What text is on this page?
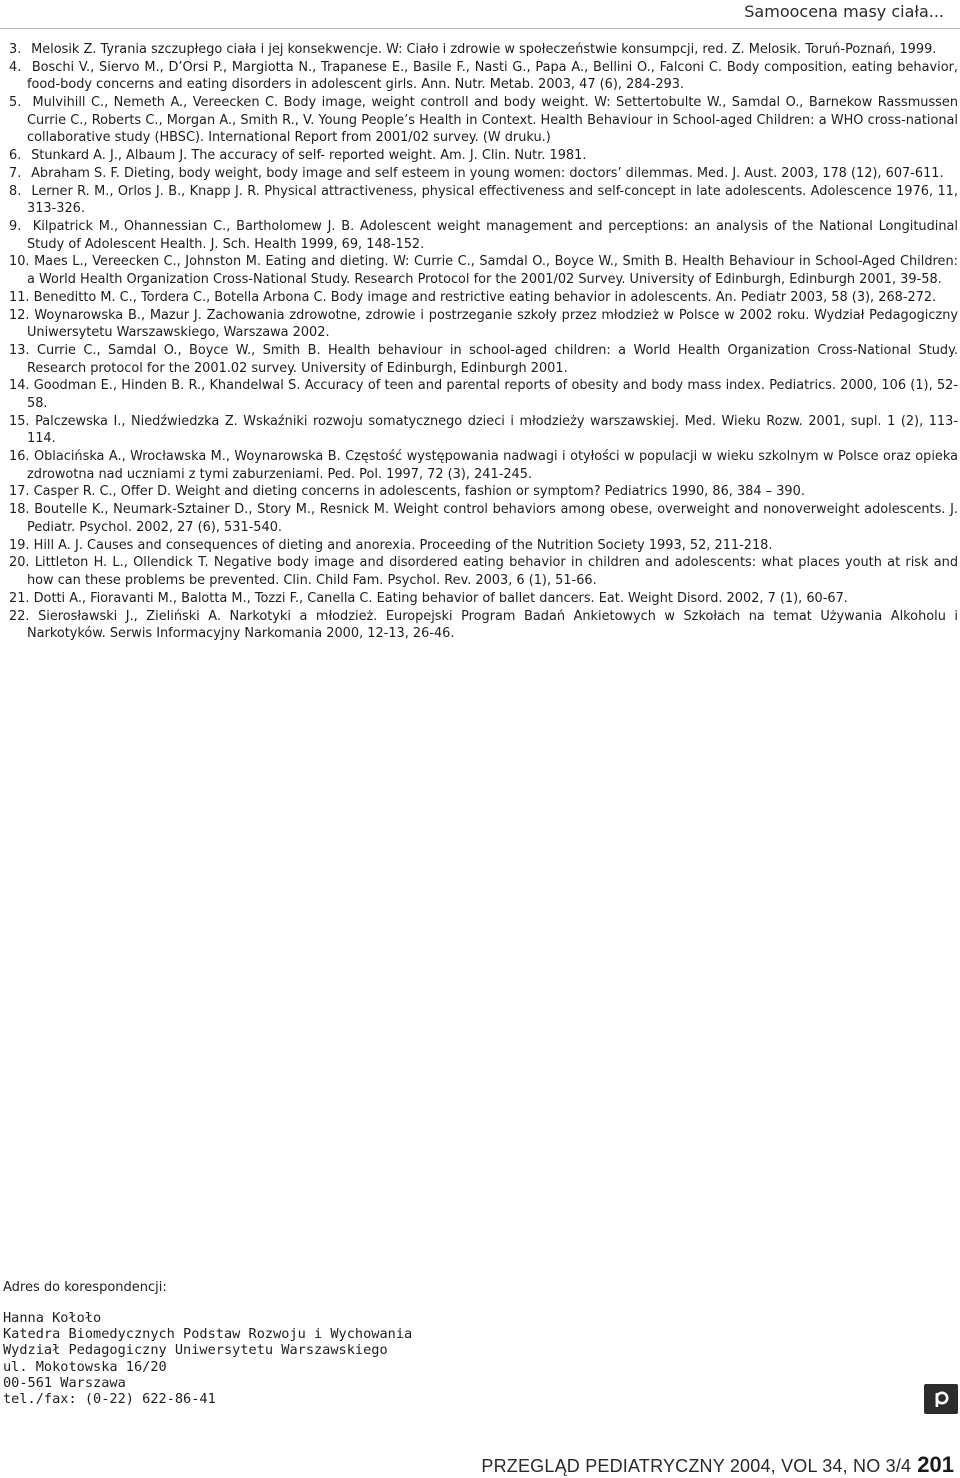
Samoocena masy ciała...
3. Melosik Z. Tyrania szczupłego ciała i jej konsekwencje. W: Ciało i zdrowie w społeczeństwie konsumpcji, red. Z. Melosik. Toruń-Poznań, 1999.
4. Boschi V., Siervo M., D’Orsi P., Margiotta N., Trapanese E., Basile F., Nasti G., Papa A., Bellini O., Falconi C. Body composition, eating behavior, food-body concerns and eating disorders in adolescent girls. Ann. Nutr. Metab. 2003, 47 (6), 284-293.
5. Mulvihill C., Nemeth A., Vereecken C. Body image, weight controll and body weight. W: Settertobulte W., Samdal O., Barnekow Rassmussen Currie C., Roberts C., Morgan A., Smith R., V. Young People’s Health in Context. Health Behaviour in School-aged Children: a WHO cross-national collaborative study (HBSC). International Report from 2001/02 survey. (W druku.)
6. Stunkard A. J., Albaum J. The accuracy of self- reported weight. Am. J. Clin. Nutr. 1981.
7. Abraham S. F. Dieting, body weight, body image and self esteem in young women: doctors’ dilemmas. Med. J. Aust. 2003, 178 (12), 607-611.
8. Lerner R. M., Orlos J. B., Knapp J. R. Physical attractiveness, physical effectiveness and self-concept in late adolescents. Adolescence 1976, 11, 313-326.
9. Kilpatrick M., Ohannessian C., Bartholomew J. B. Adolescent weight management and perceptions: an analysis of the National Longitudinal Study of Adolescent Health. J. Sch. Health 1999, 69, 148-152.
10. Maes L., Vereecken C., Johnston M. Eating and dieting. W: Currie C., Samdal O., Boyce W., Smith B. Health Behaviour in School-Aged Children: a World Health Organization Cross-National Study. Research Protocol for the 2001/02 Survey. University of Edinburgh, Edinburgh 2001, 39-58.
11. Beneditto M. C., Tordera C., Botella Arbona C. Body image and restrictive eating behavior in adolescents. An. Pediatr 2003, 58 (3), 268-272.
12. Woynarowska B., Mazur J. Zachowania zdrowotne, zdrowie i postrzeganie szkoły przez młodzież w Polsce w 2002 roku. Wydział Pedagogiczny Uniwersytetu Warszawskiego, Warszawa 2002.
13. Currie C., Samdal O., Boyce W., Smith B. Health behaviour in school-aged children: a World Health Organization Cross-National Study. Research protocol for the 2001.02 survey. University of Edinburgh, Edinburgh 2001.
14. Goodman E., Hinden B. R., Khandelwal S. Accuracy of teen and parental reports of obesity and body mass index. Pediatrics. 2000, 106 (1), 52-58.
15. Palczewska I., Niedźwiedzka Z. Wskaźniki rozwoju somatycznego dzieci i młodzieży warszawskiej. Med. Wieku Rozw. 2001, supl. 1 (2), 113-114.
16. Oblacińska A., Wrocławska M., Woynarowska B. Częstość występowania nadwagi i otyłości w populacji w wieku szkolnym w Polsce oraz opieka zdrowotna nad uczniami z tymi zaburzeniami. Ped. Pol. 1997, 72 (3), 241-245.
17. Casper R. C., Offer D. Weight and dieting concerns in adolescents, fashion or symptom? Pediatrics 1990, 86, 384 – 390.
18. Boutelle K., Neumark-Sztainer D., Story M., Resnick M. Weight control behaviors among obese, overweight and nonoverweight adolescents. J. Pediatr. Psychol. 2002, 27 (6), 531-540.
19. Hill A. J. Causes and consequences of dieting and anorexia. Proceeding of the Nutrition Society 1993, 52, 211-218.
20. Littleton H. L., Ollendick T. Negative body image and disordered eating behavior in children and adolescents: what places youth at risk and how can these problems be prevented. Clin. Child Fam. Psychol. Rev. 2003, 6 (1), 51-66.
21. Dotti A., Fioravanti M., Balotta M., Tozzi F., Canella C. Eating behavior of ballet dancers. Eat. Weight Disord. 2002, 7 (1), 60-67.
22. Sierosławski J., Zieliński A. Narkotyki a młodzież. Europejski Program Badań Ankietowych w Szkołach na temat Używania Alkoholu i Narkotyków. Serwis Informacyjny Narkomania 2000, 12-13, 26-46.
Adres do korespondencji:
Hanna Kołoło
Katedra Biomedycznych Podstaw Rozwoju i Wychowania
Wydział Pedagogiczny Uniwersytetu Warszawskiego
ul. Mokotowska 16/20
00-561 Warszawa
tel./fax: (0-22) 622-86-41
PRZEGLĄD PEDIATRYCZNY 2004, VOL 34, NO 3/4 201
